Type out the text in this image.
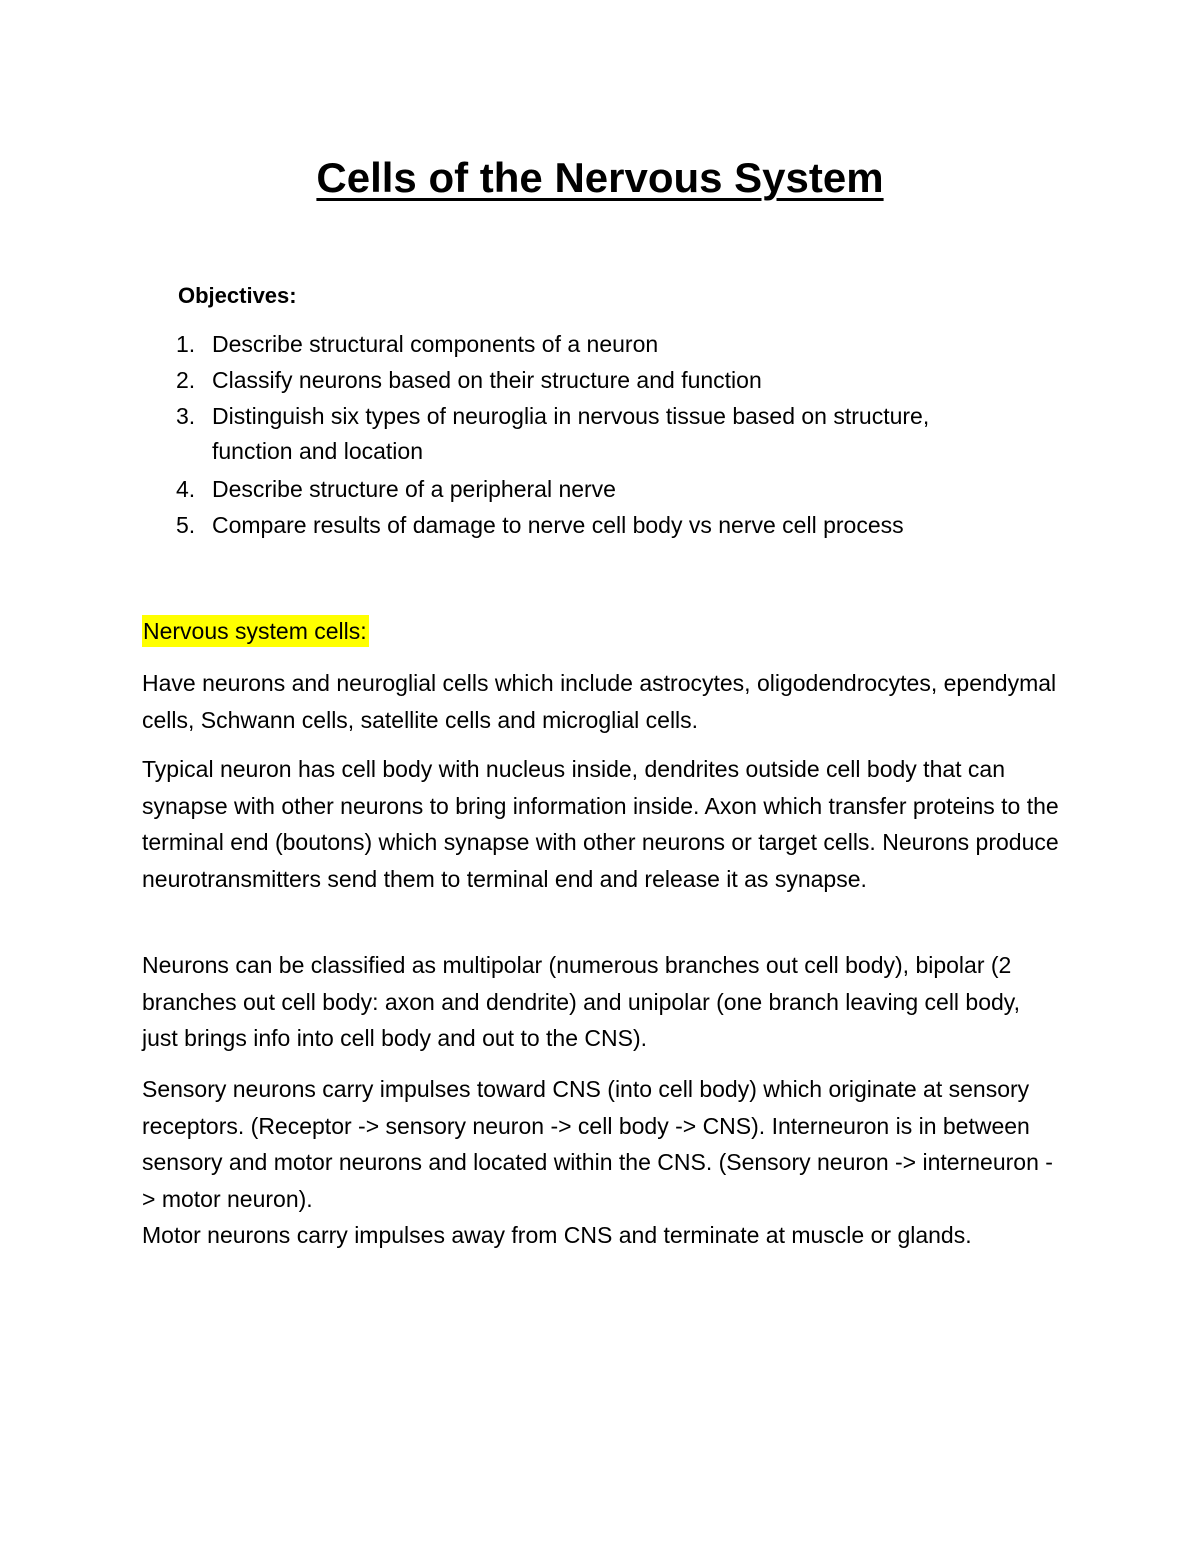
Cells of the Nervous System
Objectives:
1. Describe structural components of a neuron
2. Classify neurons based on their structure and function
3. Distinguish six types of neuroglia in nervous tissue based on structure, function and location
4. Describe structure of a peripheral nerve
5. Compare results of damage to nerve cell body vs nerve cell process
Nervous system cells:

Have neurons and neuroglial cells which include astrocytes, oligodendrocytes, ependymal cells, Schwann cells, satellite cells and microglial cells.

Typical neuron has cell body with nucleus inside, dendrites outside cell body that can synapse with other neurons to bring information inside. Axon which transfer proteins to the terminal end (boutons) which synapse with other neurons or target cells. Neurons produce neurotransmitters send them to terminal end and release it as synapse.

Neurons can be classified as multipolar (numerous branches out cell body), bipolar (2 branches out cell body: axon and dendrite) and unipolar (one branch leaving cell body, just brings info into cell body and out to the CNS).

Sensory neurons carry impulses toward CNS (into cell body) which originate at sensory receptors. (Receptor -> sensory neuron -> cell body -> CNS). Interneuron is in between sensory and motor neurons and located within the CNS. (Sensory neuron -> interneuron -> motor neuron).

Motor neurons carry impulses away from CNS and terminate at muscle or glands.
